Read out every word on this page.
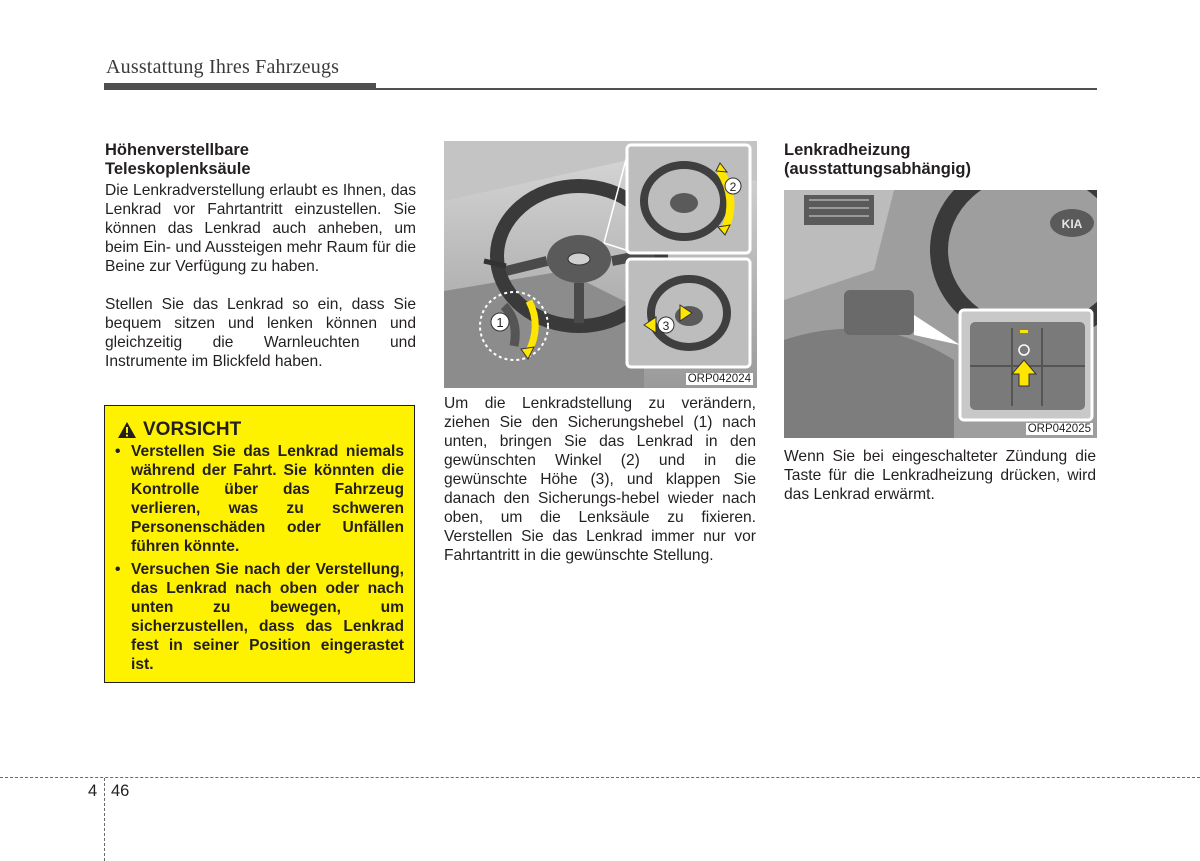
Ausstattung Ihres Fahrzeugs
Höhenverstellbare
Teleskoplenksäule

Die Lenkradverstellung erlaubt es Ihnen, das Lenkrad vor Fahrtantritt einzustellen. Sie können das Lenkrad auch anheben, um beim Ein- und Aussteigen mehr Raum für die Beine zur Verfügung zu haben.

Stellen Sie das Lenkrad so ein, dass Sie bequem sitzen und lenken können und gleichzeitig die Warnleuchten und Instrumente im Blickfeld haben.

VORSICHT
• Verstellen Sie das Lenkrad niemals während der Fahrt. Sie könnten die Kontrolle über das Fahrzeug verlieren, was zu schweren Personenschäden oder Unfällen führen könnte.
• Versuchen Sie nach der Verstellung, das Lenkrad nach oben oder nach unten zu bewegen, um sicherzustellen, dass das Lenkrad fest in seiner Position eingerastet ist.
1
2
3
ORP042024

Um die Lenkradstellung zu verändern, ziehen Sie den Sicherungshebel (1) nach unten, bringen Sie das Lenkrad in den gewünschten Winkel (2) und in die gewünschte Höhe (3), und klappen Sie danach den Sicherungs-hebel wieder nach oben, um die Lenksäule zu fixieren. Verstellen Sie das Lenkrad immer nur vor Fahrtantritt in die gewünschte Stellung.

Lenkradheizung
(ausstattungsabhängig)
KIA
ORP042025

Wenn Sie bei eingeschalteter Zündung die Taste für die Lenkradheizung drücken, wird das Lenkrad erwärmt.

4 46
